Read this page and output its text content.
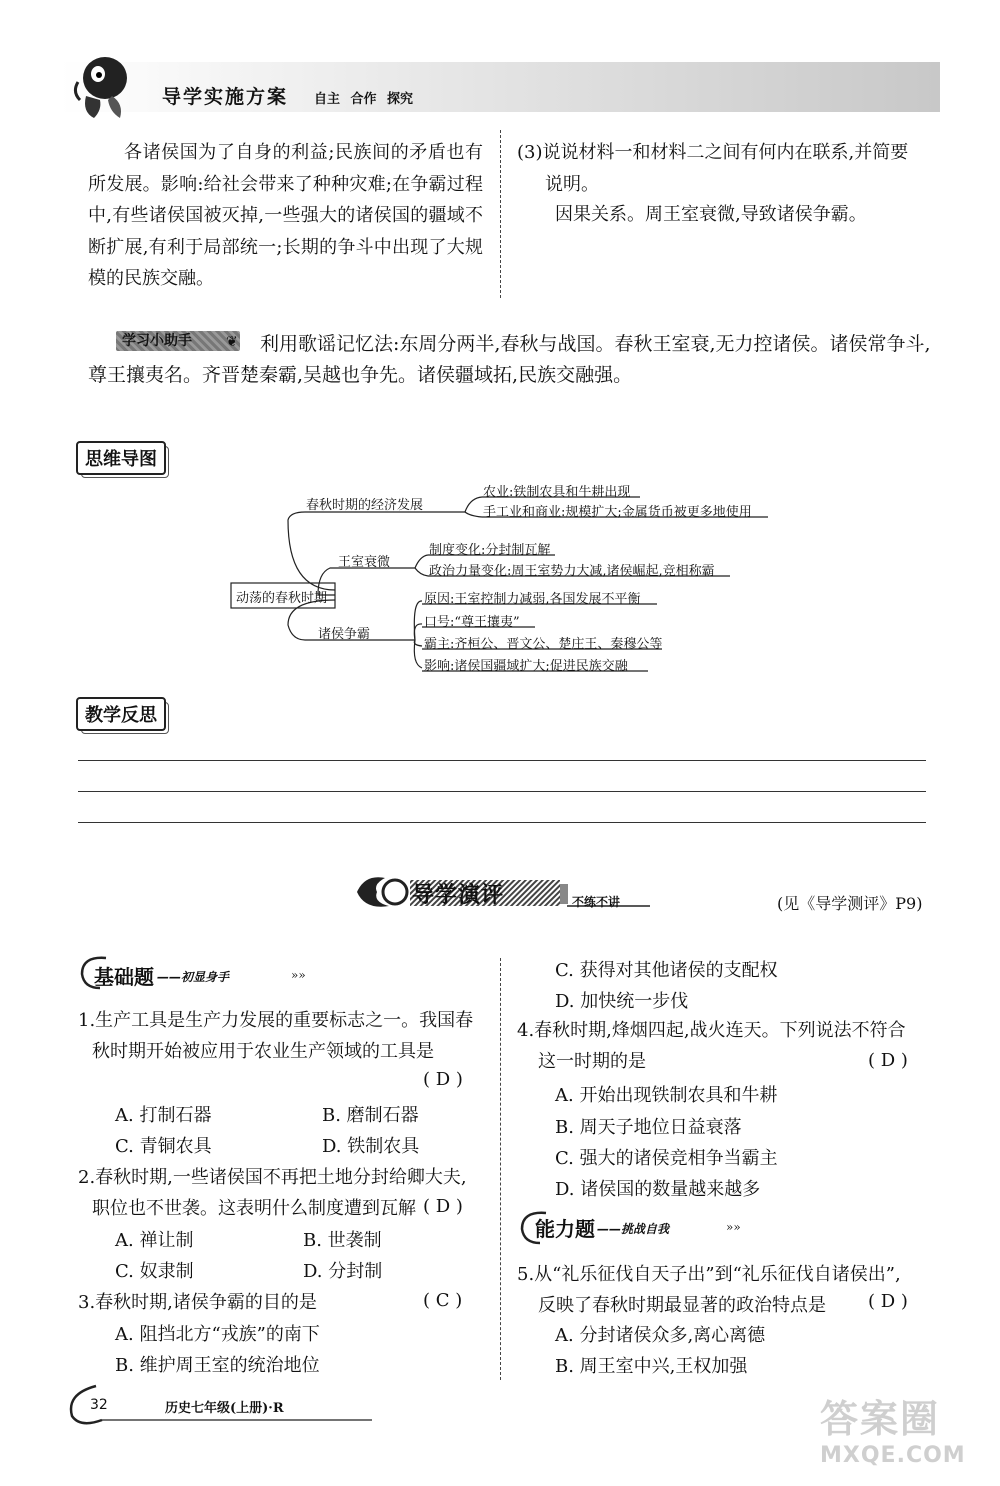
导学实施方案 自主 合作 探究
各诸侯国为了自身的利益;民族间的矛盾也有所发展。影响:给社会带来了种种灾难;在争霸过程中,有些诸侯国被灭掉,一些强大的诸侯国的疆域不断扩展,有利于局部统一;长期的争斗中出现了大规模的民族交融。
(3)说说材料一和材料二之间有何内在联系,并简要
说明。
因果关系。周王室衰微,导致诸侯争霸。
利用歌谣记忆法:东周分两半,春秋与战国。春秋王室衰,无力控诸侯。诸侯常争斗,尊王攘夷名。齐晋楚秦霸,吴越也争先。诸侯疆域拓,民族交融强。
学习小助手	❦
思维导图
动荡的春秋时期
春秋时期的经济发展
农业:铁制农具和牛耕出现
手工业和商业:规模扩大;金属货币被更多地使用
王室衰微
制度变化:分封制瓦解
政治力量变化:周王室势力大减,诸侯崛起,竞相称霸
诸侯争霸
原因:王室控制力减弱,各国发展不平衡
口号:“尊王攘夷”
霸主:齐桓公、晋文公、楚庄王、秦穆公等
影响:诸侯国疆域扩大;促进民族交融
教学反思
导学演评	不练不讲	(见《导学测评》P9)
基础题 ——初显身手	»»
1.生产工具是生产力发展的重要标志之一。我国春
秋时期开始被应用于农业生产领域的工具是
( D )
A. 打制石器	B. 磨制石器
C. 青铜农具	D. 铁制农具
2.春秋时期,一些诸侯国不再把土地分封给卿大夫,
职位也不世袭。这表明什么制度遭到瓦解 ( D )
A. 禅让制	B. 世袭制
C. 奴隶制	D. 分封制
3.春秋时期,诸侯争霸的目的是	( C )
A. 阻挡北方“戎族”的南下
B. 维护周王室的统治地位
C. 获得对其他诸侯的支配权
D. 加快统一步伐
4.春秋时期,烽烟四起,战火连天。下列说法不符合
这一时期的是	( D )
A. 开始出现铁制农具和牛耕
B. 周天子地位日益衰落
C. 强大的诸侯竞相争当霸主
D. 诸侯国的数量越来越多
能力题 ——挑战自我	»»
5.从“礼乐征伐自天子出”到“礼乐征伐自诸侯出”,
反映了春秋时期最显著的政治特点是 ( D )
A. 分封诸侯众多,离心离德
B. 周王室中兴,王权加强
32	历史七年级(上册)·R	答案圈
MXQE.COM
